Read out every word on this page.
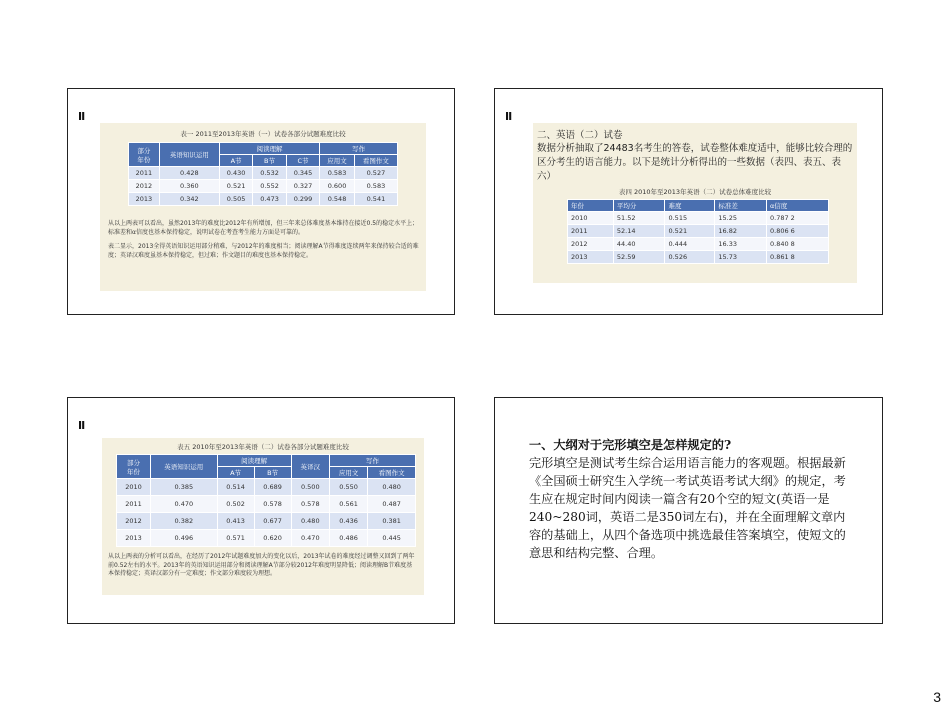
Ⅱ
表一 2011至2013年英语（一）试卷各部分试题难度比较
部分
年份	英语知识运用	阅读理解			写作	
		A节	B节	C节	应用文	看图作文
2011	0.428	0.430	0.532	0.345	0.583	0.527
2012	0.360	0.521	0.552	0.327	0.600	0.583
2013	0.342	0.505	0.473	0.299	0.548	0.541
从以上两表可以看出，虽然2013年的难度比2012年有所增加，但三年来总体难度基本维持在接近0.5的稳定水平上；标准差和α信度也基本保持稳定，说明试卷在考查考生能力方面是可靠的。
表二显示，2013全得英语知识运用部分稍难，与2012年的难度相当；阅读理解A节得难度连续两年来保持较合适的难度；英译汉难度虽基本保持稳定，但过难；作文题目的难度也基本保持稳定。
Ⅱ
二、英语（二）试卷
数据分析抽取了24483名考生的答卷，试卷整体难度适中，能够比较合理的区分考生的语言能力。以下是统计分析得出的一些数据（表四、表五、表六）
表四 2010年至2013年英语（二）试卷总体难度比较
年份	平均分	难度	标准差	α信度
2010	51.52	0.515	15.25	0.787 2
2011	52.14	0.521	16.82	0.806 6
2012	44.40	0.444	16.33	0.840 8
2013	52.59	0.526	15.73	0.861 8
Ⅱ
表五 2010年至2013年英语（二）试卷各部分试题难度比较
部分
年份	英语知识运用	阅读理解		英译汉	写作	
		A节	B节		应用文	看图作文
2010	0.385	0.514	0.689	0.500	0.550	0.480
2011	0.470	0.502	0.578	0.578	0.561	0.487
2012	0.382	0.413	0.677	0.480	0.436	0.381
2013	0.496	0.571	0.620	0.470	0.486	0.445
从以上两表的分析可以看出，在经历了2012年试题难度加大的变化以后，2013年试卷的难度经过调整又回到了两年前0.52左右的水平。2013年的英语知识运用部分和阅读理解A节部分较2012年难度明显降低；阅读理解B节难度基本保持稳定；英译汉部分有一定难度；作文部分难度较为理想。
一、大纲对于完形填空是怎样规定的?
完形填空是测试考生综合运用语言能力的客观题。根据最新《全国硕士研究生入学统一考试英语考试大纲》的规定，考生应在规定时间内阅读一篇含有20个空的短文(英语一是240~280词，英语二是350词左右)，并在全面理解文章内容的基础上，从四个备选项中挑选最佳答案填空，使短文的意思和结构完整、合理。
3
